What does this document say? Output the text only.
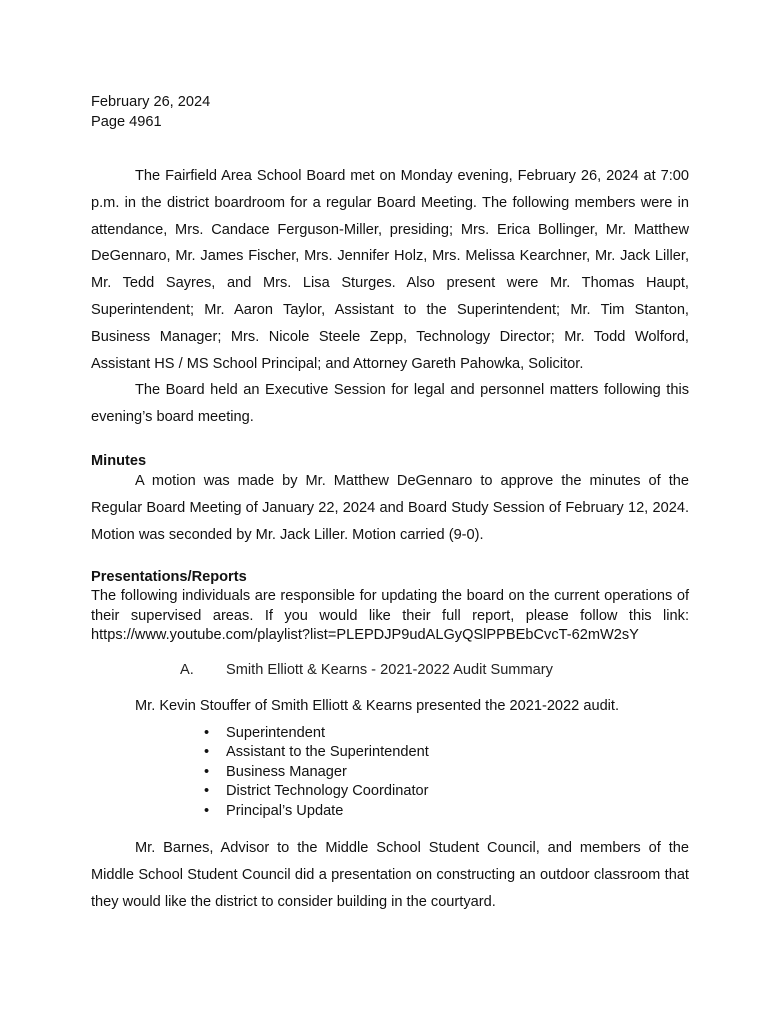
February 26, 2024

Page 4961

The Fairfield Area School Board met on Monday evening, February 26, 2024 at 7:00 p.m. in the district boardroom for a regular Board Meeting. The following members were in attendance, Mrs. Candace Ferguson-Miller, presiding; Mrs. Erica Bollinger, Mr. Matthew DeGennaro, Mr. James Fischer, Mrs. Jennifer Holz, Mrs. Melissa Kearchner, Mr. Jack Liller, Mr. Tedd Sayres, and Mrs. Lisa Sturges. Also present were Mr. Thomas Haupt, Superintendent; Mr. Aaron Taylor, Assistant to the Superintendent; Mr. Tim Stanton, Business Manager; Mrs. Nicole Steele Zepp, Technology Director; Mr. Todd Wolford, Assistant HS / MS School Principal; and Attorney Gareth Pahowka, Solicitor.

The Board held an Executive Session for legal and personnel matters following this evening’s board meeting.

Minutes

A motion was made by Mr. Matthew DeGennaro to approve the minutes of the Regular Board Meeting of January 22, 2024 and Board Study Session of February 12, 2024. Motion was seconded by Mr. Jack Liller. Motion carried (9-0).

Presentations/Reports

The following individuals are responsible for updating the board on the current operations of their supervised areas. If you would like their full report, please follow this link: https://www.youtube.com/playlist?list=PLEPDJP9udALGyQSlPPBEbCvcT-62mW2sY

A. Smith Elliott & Kearns - 2021-2022 Audit Summary

Mr. Kevin Stouffer of Smith Elliott & Kearns presented the 2021-2022 audit.

• Superintendent
• Assistant to the Superintendent
• Business Manager
• District Technology Coordinator
• Principal’s Update

Mr. Barnes, Advisor to the Middle School Student Council, and members of the Middle School Student Council did a presentation on constructing an outdoor classroom that they would like the district to consider building in the courtyard.
